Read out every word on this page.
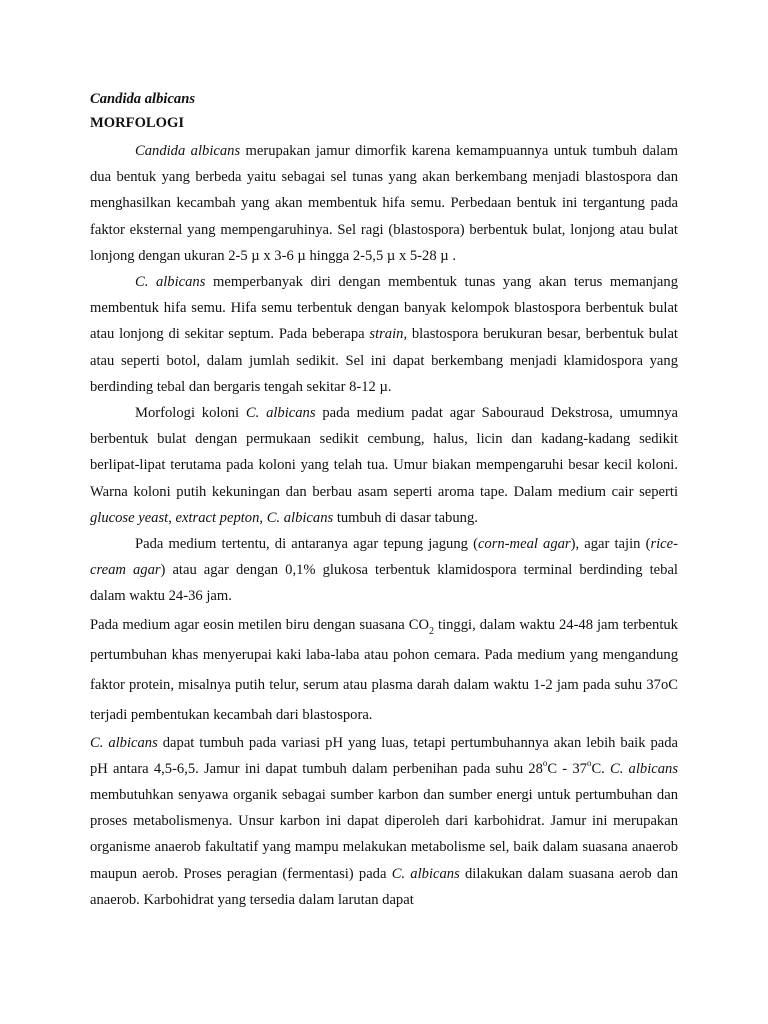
Candida albicans
MORFOLOGI

Candida albicans merupakan jamur dimorfik karena kemampuannya untuk tumbuh dalam dua bentuk yang berbeda yaitu sebagai sel tunas yang akan berkembang menjadi blastospora dan menghasilkan kecambah yang akan membentuk hifa semu. Perbedaan bentuk ini tergantung pada faktor eksternal yang mempengaruhinya. Sel ragi (blastospora) berbentuk bulat, lonjong atau bulat lonjong dengan ukuran 2-5 µ x 3-6 µ hingga 2-5,5 µ x 5-28 µ .

C. albicans memperbanyak diri dengan membentuk tunas yang akan terus memanjang membentuk hifa semu. Hifa semu terbentuk dengan banyak kelompok blastospora berbentuk bulat atau lonjong di sekitar septum. Pada beberapa strain, blastospora berukuran besar, berbentuk bulat atau seperti botol, dalam jumlah sedikit. Sel ini dapat berkembang menjadi klamidospora yang berdinding tebal dan bergaris tengah sekitar 8-12 µ.

Morfologi koloni C. albicans pada medium padat agar Sabouraud Dekstrosa, umumnya berbentuk bulat dengan permukaan sedikit cembung, halus, licin dan kadang-kadang sedikit berlipat-lipat terutama pada koloni yang telah tua. Umur biakan mempengaruhi besar kecil koloni. Warna koloni putih kekuningan dan berbau asam seperti aroma tape. Dalam medium cair seperti glucose yeast, extract pepton, C. albicans tumbuh di dasar tabung.

Pada medium tertentu, di antaranya agar tepung jagung (corn-meal agar), agar tajin (rice-cream agar) atau agar dengan 0,1% glukosa terbentuk klamidospora terminal berdinding tebal dalam waktu 24-36 jam.

Pada medium agar eosin metilen biru dengan suasana $CO_2$ tinggi, dalam waktu 24-48 jam terbentuk pertumbuhan khas menyerupai kaki laba-laba atau pohon cemara. Pada medium yang mengandung faktor protein, misalnya putih telur, serum atau plasma darah dalam waktu 1-2 jam pada suhu 37oC terjadi pembentukan kecambah dari blastospora.

C. albicans dapat tumbuh pada variasi pH yang luas, tetapi pertumbuhannya akan lebih baik pada pH antara 4,5-6,5. Jamur ini dapat tumbuh dalam perbenihan pada suhu 28$^o$C - 37$^o$C. C. albicans membutuhkan senyawa organik sebagai sumber karbon dan sumber energi untuk pertumbuhan dan proses metabolismenya. Unsur karbon ini dapat diperoleh dari karbohidrat. Jamur ini merupakan organisme anaerob fakultatif yang mampu melakukan metabolisme sel, baik dalam suasana anaerob maupun aerob. Proses peragian (fermentasi) pada C. albicans dilakukan dalam suasana aerob dan anaerob. Karbohidrat yang tersedia dalam larutan dapat
